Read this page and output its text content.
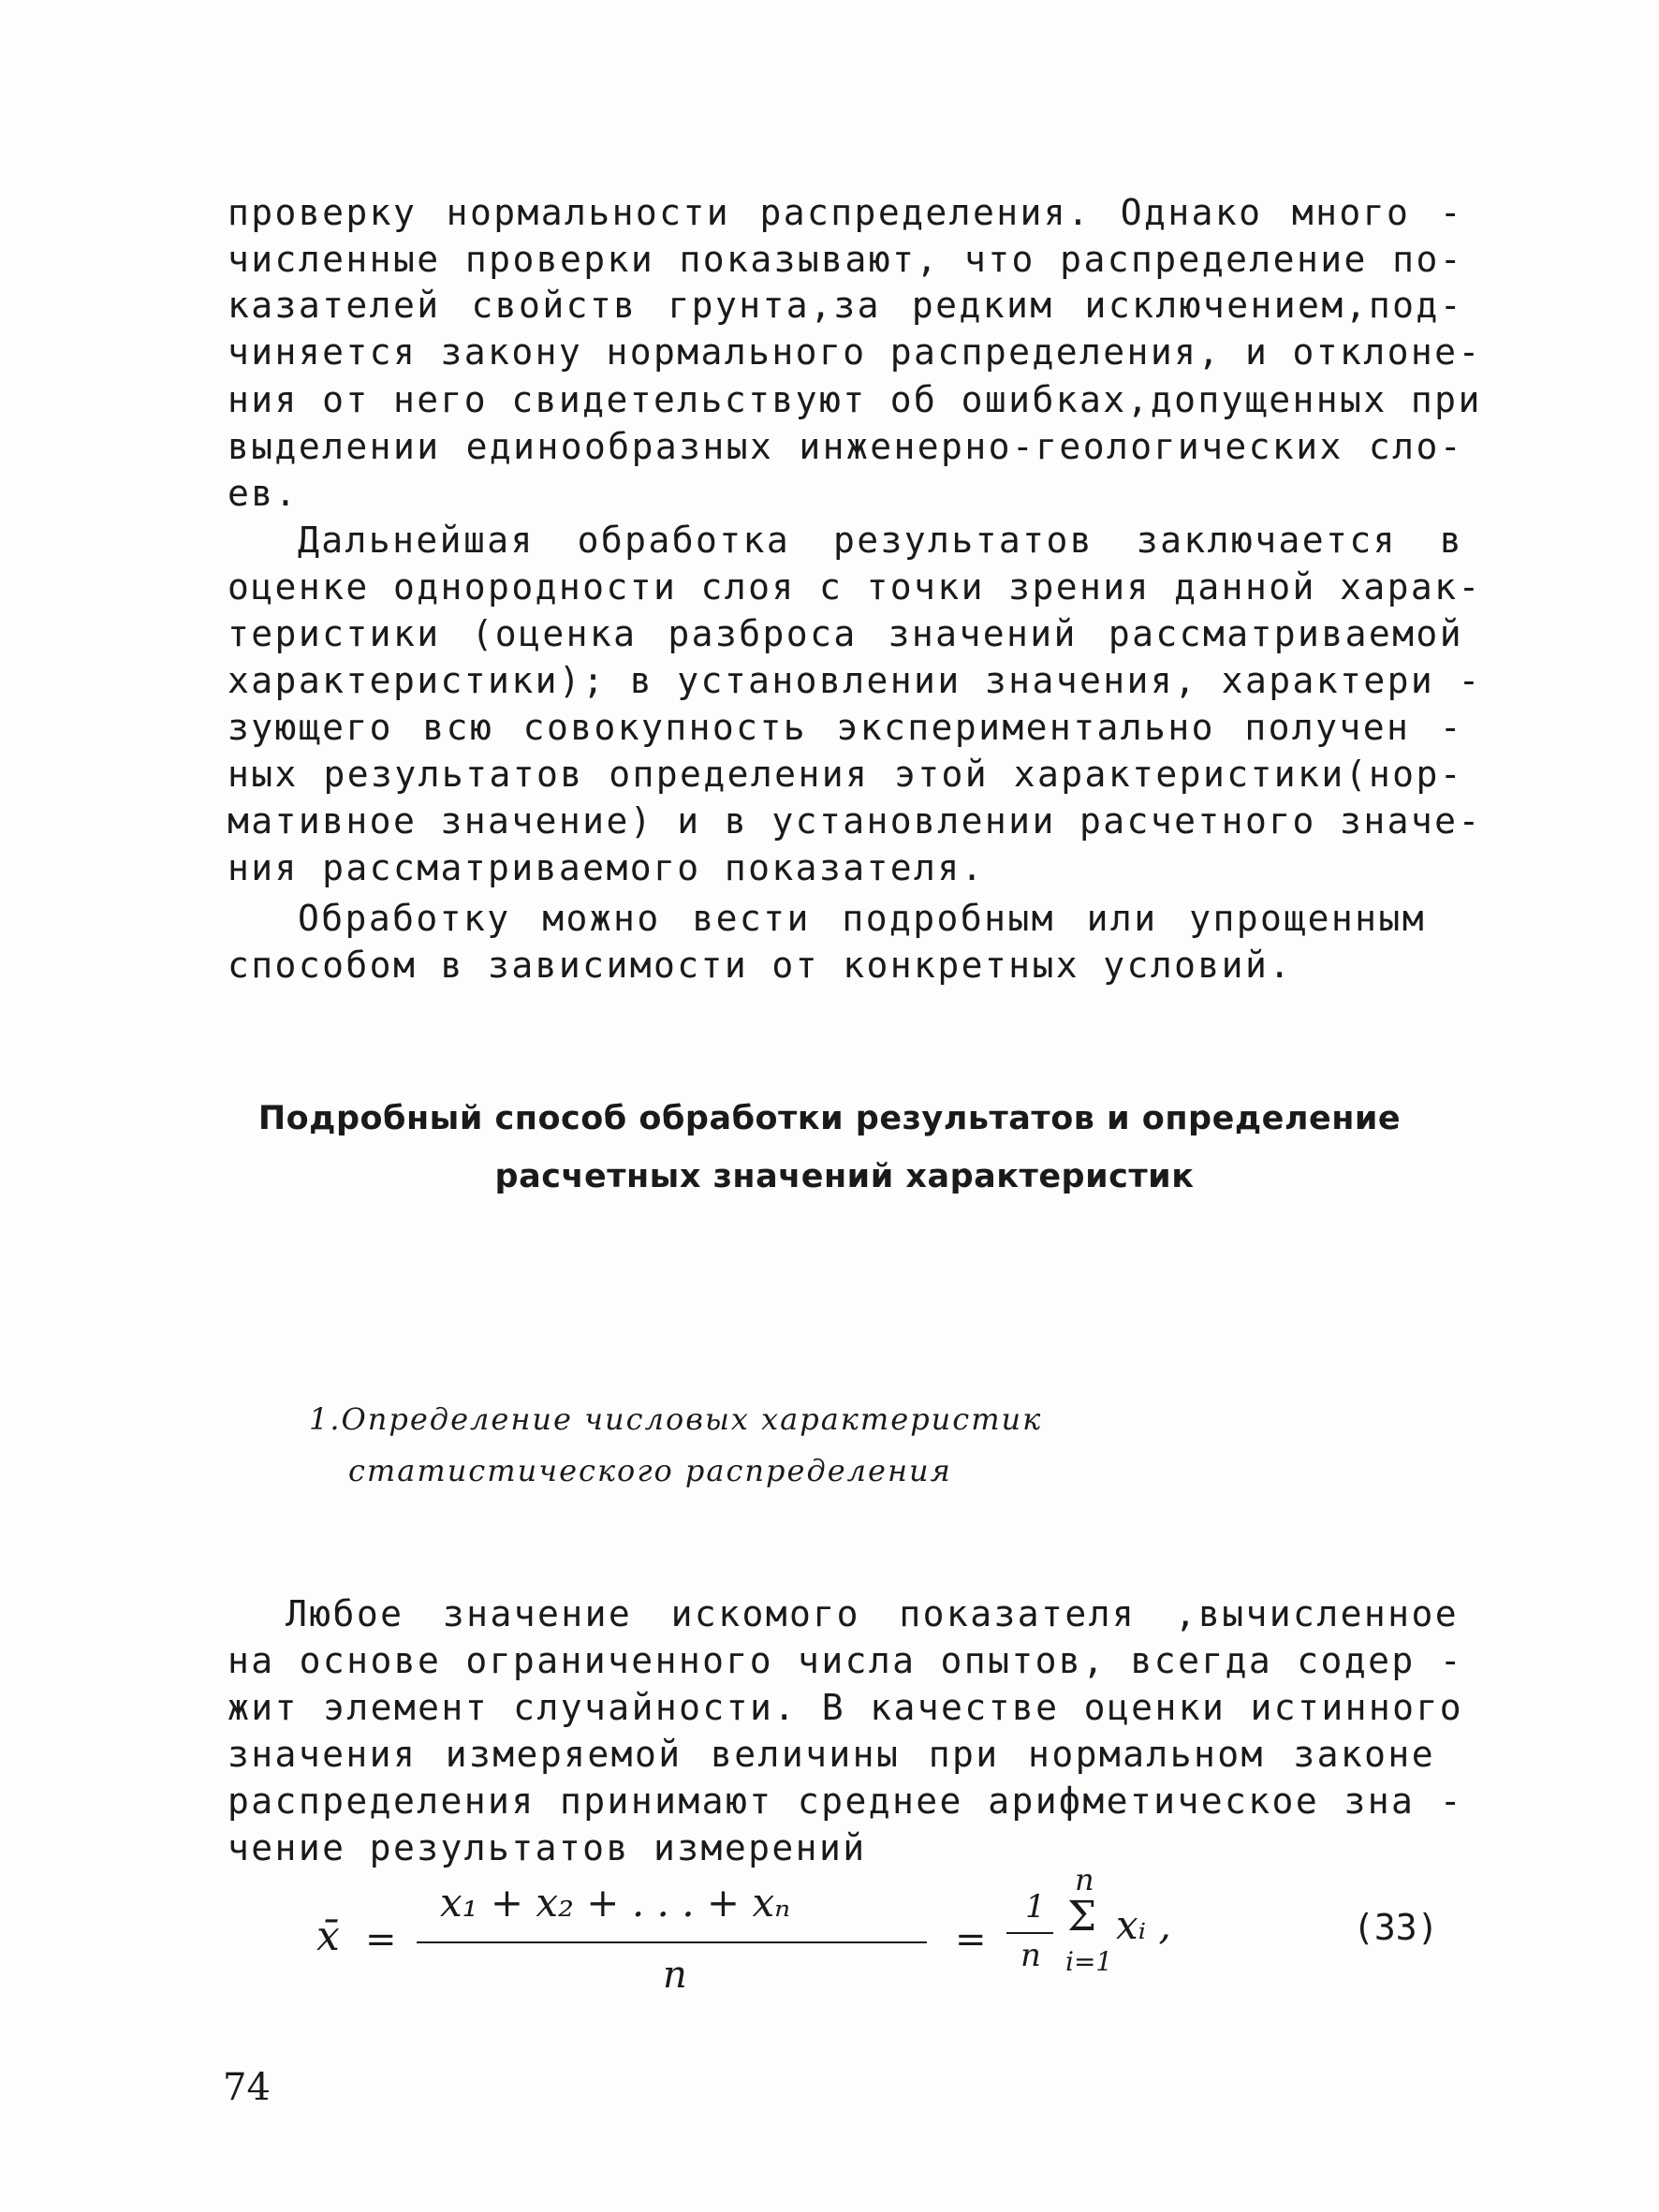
проверку нормальности распределения. Однако много -

численные проверки показывают, что распределение по-

казателей свойств грунта,за редким исключением,под-

чиняется закону нормального распределения, и отклоне-

ния от него свидетельствуют об ошибках,допущенных при

выделении единообразных инженерно-геологических сло-

ев.

Дальнейшая обработка результатов заключается в

оценке однородности слоя с точки зрения данной харак-

теристики (оценка разброса значений рассматриваемой

характеристики); в установлении значения, характери -

зующего всю совокупность экспериментально получен -

ных результатов определения этой характеристики(нор-

мативное значение) и в установлении расчетного значе-

ния рассматриваемого показателя.

Обработку можно вести подробным или упрощенным

способом в зависимости от конкретных условий.

Подробный способ обработки результатов и определение

расчетных значений характеристик

1.Определение числовых характеристик

статистического распределения

Любое значение искомого показателя ,вычисленное

на основе ограниченного числа опытов, всегда содер -

жит элемент случайности. В качестве оценки истинного

значения измеряемой величины при нормальном законе

распределения принимают среднее арифметическое зна -

чение результатов измерений

x̄ =
x₁ + x₂ + . . . + xₙ
n
=
1
n
n
Σ
i=1
xᵢ ,	(33)

74
